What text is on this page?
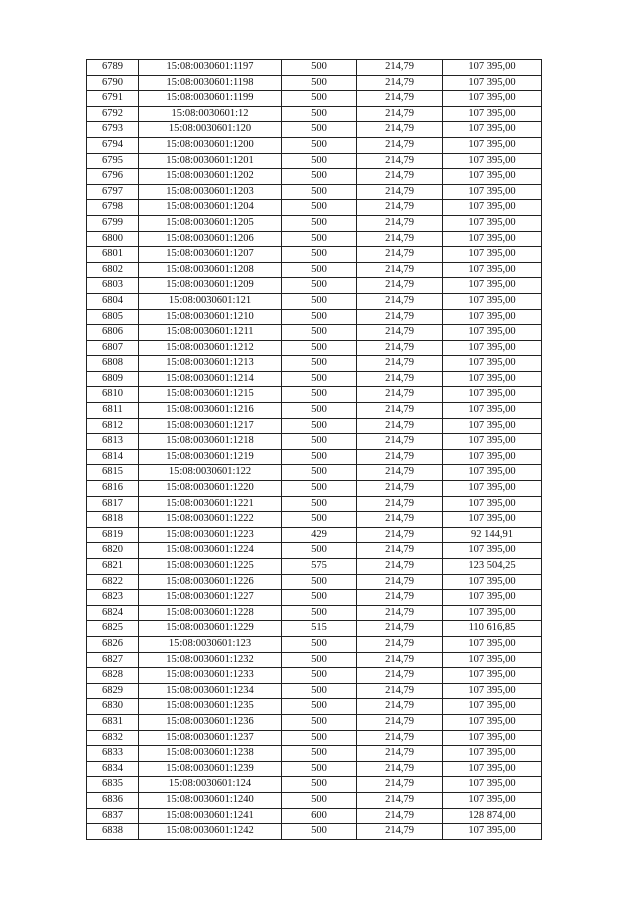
6789	15:08:0030601:1197	500	214,79	107 395,00
6790	15:08:0030601:1198	500	214,79	107 395,00
6791	15:08:0030601:1199	500	214,79	107 395,00
6792	15:08:0030601:12	500	214,79	107 395,00
6793	15:08:0030601:120	500	214,79	107 395,00
6794	15:08:0030601:1200	500	214,79	107 395,00
6795	15:08:0030601:1201	500	214,79	107 395,00
6796	15:08:0030601:1202	500	214,79	107 395,00
6797	15:08:0030601:1203	500	214,79	107 395,00
6798	15:08:0030601:1204	500	214,79	107 395,00
6799	15:08:0030601:1205	500	214,79	107 395,00
6800	15:08:0030601:1206	500	214,79	107 395,00
6801	15:08:0030601:1207	500	214,79	107 395,00
6802	15:08:0030601:1208	500	214,79	107 395,00
6803	15:08:0030601:1209	500	214,79	107 395,00
6804	15:08:0030601:121	500	214,79	107 395,00
6805	15:08:0030601:1210	500	214,79	107 395,00
6806	15:08:0030601:1211	500	214,79	107 395,00
6807	15:08:0030601:1212	500	214,79	107 395,00
6808	15:08:0030601:1213	500	214,79	107 395,00
6809	15:08:0030601:1214	500	214,79	107 395,00
6810	15:08:0030601:1215	500	214,79	107 395,00
6811	15:08:0030601:1216	500	214,79	107 395,00
6812	15:08:0030601:1217	500	214,79	107 395,00
6813	15:08:0030601:1218	500	214,79	107 395,00
6814	15:08:0030601:1219	500	214,79	107 395,00
6815	15:08:0030601:122	500	214,79	107 395,00
6816	15:08:0030601:1220	500	214,79	107 395,00
6817	15:08:0030601:1221	500	214,79	107 395,00
6818	15:08:0030601:1222	500	214,79	107 395,00
6819	15:08:0030601:1223	429	214,79	92 144,91
6820	15:08:0030601:1224	500	214,79	107 395,00
6821	15:08:0030601:1225	575	214,79	123 504,25
6822	15:08:0030601:1226	500	214,79	107 395,00
6823	15:08:0030601:1227	500	214,79	107 395,00
6824	15:08:0030601:1228	500	214,79	107 395,00
6825	15:08:0030601:1229	515	214,79	110 616,85
6826	15:08:0030601:123	500	214,79	107 395,00
6827	15:08:0030601:1232	500	214,79	107 395,00
6828	15:08:0030601:1233	500	214,79	107 395,00
6829	15:08:0030601:1234	500	214,79	107 395,00
6830	15:08:0030601:1235	500	214,79	107 395,00
6831	15:08:0030601:1236	500	214,79	107 395,00
6832	15:08:0030601:1237	500	214,79	107 395,00
6833	15:08:0030601:1238	500	214,79	107 395,00
6834	15:08:0030601:1239	500	214,79	107 395,00
6835	15:08:0030601:124	500	214,79	107 395,00
6836	15:08:0030601:1240	500	214,79	107 395,00
6837	15:08:0030601:1241	600	214,79	128 874,00
6838	15:08:0030601:1242	500	214,79	107 395,00
